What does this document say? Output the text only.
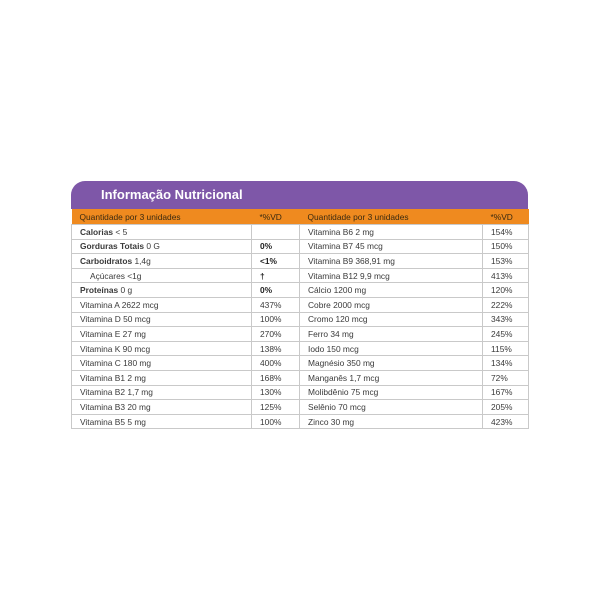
Informação Nutricional
Quantidade por 3 unidades	*%VD	Quantidade por 3 unidades	*%VD
Calorias < 5		Vitamina B6 2 mg	154%
Gorduras Totais 0 G	0%	Vitamina B7 45 mcg	150%
Carboidratos 1,4g	<1%	Vitamina B9 368,91 mg	153%
Açúcares <1g	†	Vitamina B12 9,9 mcg	413%
Proteínas 0 g	0%	Cálcio 1200 mg	120%
Vitamina A 2622 mcg	437%	Cobre 2000 mcg	222%
Vitamina D 50 mcg	100%	Cromo 120 mcg	343%
Vitamina E 27 mg	270%	Ferro 34 mg	245%
Vitamina K 90 mcg	138%	Iodo 150 mcg	115%
Vitamina C 180 mg	400%	Magnésio 350 mg	134%
Vitamina B1 2 mg	168%	Manganês 1,7 mcg	72%
Vitamina B2 1,7 mg	130%	Molibdênio 75 mcg	167%
Vitamina B3 20 mg	125%	Selênio 70 mcg	205%
Vitamina B5 5 mg	100%	Zinco 30 mg	423%
